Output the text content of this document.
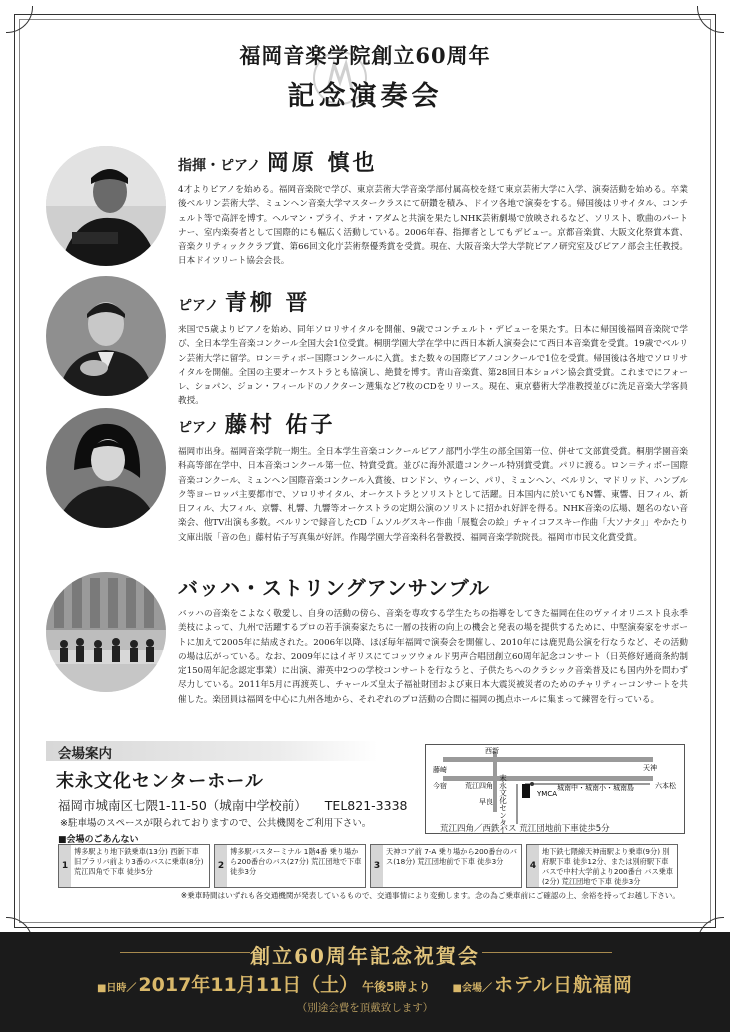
福岡音楽学院創立60周年
記念演奏会
指揮・ピアノ 岡原 慎也

4才よりピアノを始める。福岡音楽院で学び、東京芸術大学音楽学部付属高校を経て東京芸術大学に入学、演奏活動を始める。卒業後ベルリン芸術大学、ミュンヘン音楽大学マスタークラスにて研鑽を積み、ドイツ各地で演奏をする。帰国後はリサイタル、コンチェルト等で高評を博す。ヘルマン・プライ、テオ・アダムと共演を果たしNHK芸術劇場で放映されるなど、ソリスト、歌曲のパートナー、室内楽奏者として国際的にも幅広く活動している。2006年春、指揮者としてもデビュー。京都音楽賞、大阪文化祭賞本賞、音楽クリティッククラブ賞、第66回文化庁芸術祭優秀賞を受賞。現在、大阪音楽大学大学院ピアノ研究室及びピアノ部会主任教授。日本ドイツリート協会会長。

ピアノ 青柳 晋

来国で5歳よりピアノを始め、同年ソロリサイタルを開催、9歳でコンチェルト・デビューを果たす。日本に帰国後福岡音楽院で学び、全日本学生音楽コンクール全国大会1位受賞。桐朋学園大学在学中に西日本新人演奏会にて西日本音楽賞を受賞。19歳でベルリン芸術大学に留学。ロン＝ティボー国際コンクールに入賞。また数々の国際ピアノコンクールで1位を受賞。帰国後は各地でソロリサイタルを開催。全国の主要オーケストラとも協演し、絶賛を博す。青山音楽賞、第28回日本ショパン協会賞受賞。これまでにフォーレ、ショパン、ジョン・フィールドのノクターン選集など7枚のCDをリリース。現在、東京藝術大学准教授並びに洗足音楽大学客員教授。

ピアノ 藤村 佑子

福岡市出身。福岡音楽学院一期生。全日本学生音楽コンクールピアノ部門小学生の部全国第一位、併せて文部賞受賞。桐朋学園音楽科高等部在学中、日本音楽コンクール第一位、特賞受賞。並びに海外派遣コンクール特別賞受賞。パリに渡る。ロン＝ティボー国際音楽コンクール、ミュンヘン国際音楽コンクール入賞後、ロンドン、ウィーン、パリ、ミュンヘン、ベルリン、マドリッド、ハンブルク等ヨーロッパ主要都市で、ソロリサイタル、オーケストラとソリストとして活躍。日本国内に於いてもN響、東響、日フィル、新日フィル、大フィル、京響、札響、九響等オーケストラの定期公演のソリストに招かれ好評を得る。NHK音楽の広場、題名のない音楽会、他TV出演も多数。ベルリンで録音したCD「ムソルグスキー作曲「展覧会の絵」チャイコフスキー作曲「大ソナタ」」やかたり文庫出版「音の色」藤村佑子写真集が好評。作陽学園大学音楽科名誉教授、福岡音楽学院院長。福岡市市民文化賞受賞。

バッハ・ストリングアンサンブル

バッハの音楽をこよなく敬愛し、自身の活動の傍ら、音楽を専攻する学生たちの指導をしてきた福岡在住のヴァイオリニスト良永季美枝によって、九州で活躍するプロの若手演奏家たちに一層の技術の向上の機会と発表の場を提供するために、中堅演奏家をサポートに加えて2005年に結成された。2006年以降、ほぼ毎年福岡で演奏会を開催し、2010年には鹿児島公演を行なうなど、その活動の場は広がっている。なお、2009年にはイギリスにてコッツウォルド男声合唱団創立60周年記念コンサート（日英修好通商条約制定150周年記念認定事業）に出演、滞英中2つの学校コンサートを行なうと、子供たちへのクラシック音楽普及にも国内外を問わず尽力している。2011年5月に再渡英し、チャールズ皇太子福祉財団および東日本大震災被災者のためのチャリティーコンサートを共催した。楽団員は福岡を中心に九州各地から、それぞれのプロ活動の合間に福岡の拠点ホールに集まって練習を行っている。

会場案内
末永文化センターホール
福岡市城南区七隈1-11-50（城南中学校前） TEL821-3338
※駐車場のスペースが限られておりますので、公共機関をご利用下さい。
西新
天神
藤崎
今宿	六本松
荒江四角
早良 末永文化センター	YMCA
城南中・城南小・城南島
荒江四角／西鉄バス 荒江団地前下車徒歩5分
■会場のごあんない
1
博多駅より地下鉄乗車(13分) 西新下車 旧プラリバ前より3番のバスに乗車(8分) 荒江四角で下車 徒歩5分
2
博多駅バスターミナル 1階4番 乗り場から200番台のバス(27分) 荒江団地で下車 徒歩3分
3
天神コア前 7-A 乗り場から200番台のバス(18分) 荒江団地前で下車 徒歩3分	4
地下鉄七隈線天神南駅より乗車(9分) 別府駅下車 徒歩12分、または別府駅下車 バスで中村大学前より200番台 バス乗車(2分) 荒江団地で下車 徒歩3分
※乗車時間はいずれも各交通機関が発表しているもので、交通事情により変動します。念の為ご乗車前にご確認の上、余裕を持ってお越し下さい。
創立60周年記念祝賀会
■日時／ 2017年11月11日（土） 午後5時より ■会場／ ホテル日航福岡
（別途会費を頂戴致します）
